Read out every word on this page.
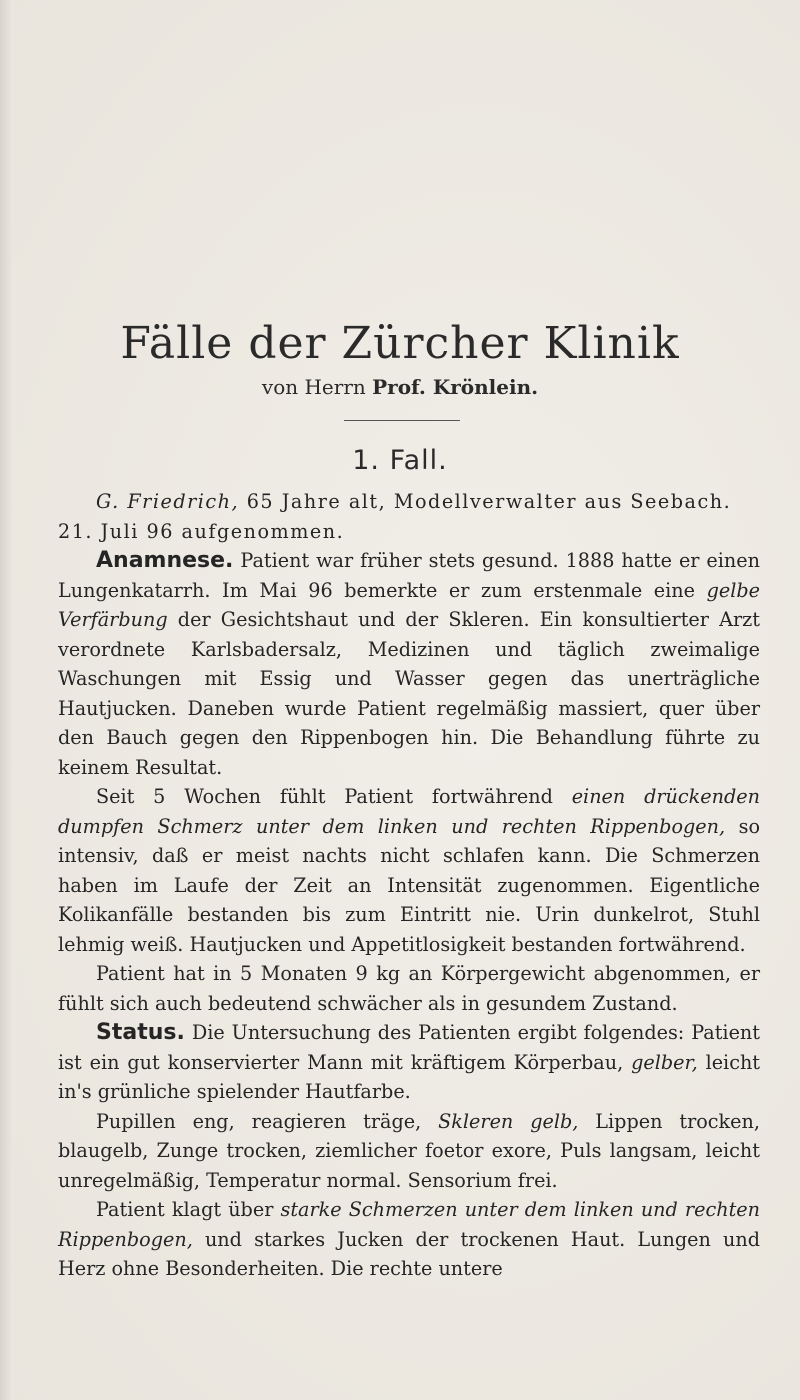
Fälle der Zürcher Klinik
von Herrn Prof. Krönlein.
1. Fall.

G. Friedrich, 65 Jahre alt, Modellverwalter aus Seebach.

21. Juli 96 aufgenommen.

Anamnese. Patient war früher stets gesund. 1888 hatte er einen Lungenkatarrh. Im Mai 96 bemerkte er zum erstenmale eine gelbe Verfärbung der Gesichtshaut und der Skleren. Ein konsultierter Arzt verordnete Karlsbadersalz, Medizinen und täglich zweimalige Waschungen mit Essig und Wasser gegen das unerträgliche Hautjucken. Daneben wurde Patient regelmäßig massiert, quer über den Bauch gegen den Rippenbogen hin. Die Behandlung führte zu keinem Resultat.

Seit 5 Wochen fühlt Patient fortwährend einen drückenden dumpfen Schmerz unter dem linken und rechten Rippenbogen, so intensiv, daß er meist nachts nicht schlafen kann. Die Schmerzen haben im Laufe der Zeit an Intensität zugenommen. Eigentliche Kolikanfälle bestanden bis zum Eintritt nie. Urin dunkelrot, Stuhl lehmig weiß. Hautjucken und Appetitlosigkeit bestanden fortwährend.

Patient hat in 5 Monaten 9 kg an Körpergewicht abgenommen, er fühlt sich auch bedeutend schwächer als in gesundem Zustand.

Status. Die Untersuchung des Patienten ergibt folgendes: Patient ist ein gut konservierter Mann mit kräftigem Körperbau, gelber, leicht in's grünliche spielender Hautfarbe.

Pupillen eng, reagieren träge, Skleren gelb, Lippen trocken, blaugelb, Zunge trocken, ziemlicher foetor exore, Puls langsam, leicht unregelmäßig, Temperatur normal. Sensorium frei.

Patient klagt über starke Schmerzen unter dem linken und rechten Rippenbogen, und starkes Jucken der trockenen Haut. Lungen und Herz ohne Besonderheiten. Die rechte untere
